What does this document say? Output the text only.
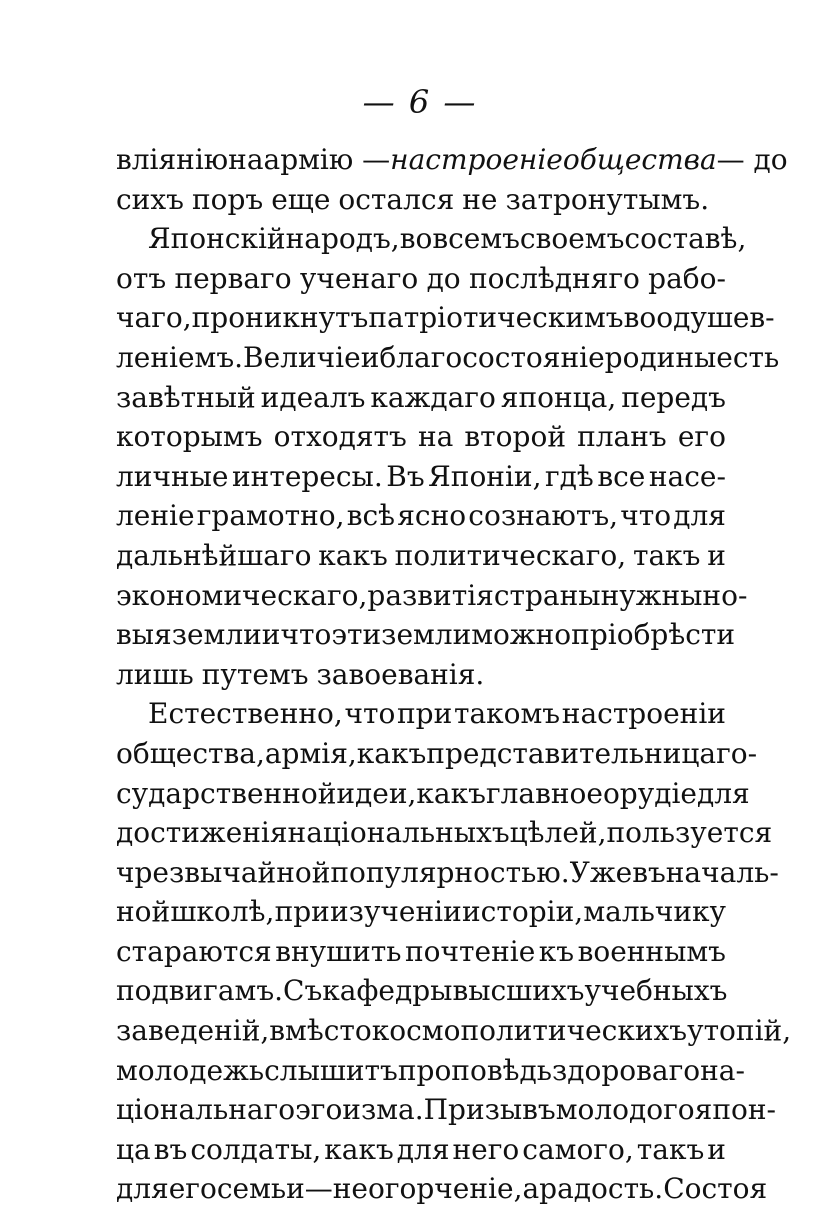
— 6 —
вліянію на армію — настроеніе общества — до
сихъ поръ еще остался не затронутымъ.
Японскій народъ, во всемъ своемъ составѣ,
отъ перваго ученаго до послѣдняго рабо-
чаго, проникнутъ патріотическимъ воодушев-
леніемъ. Величіе и благосостояніе родины есть
завѣтный идеалъ каждаго японца, передъ
которымъ отходятъ на второй планъ его
личные интересы. Въ Японіи, гдѣ все насе-
леніе грамотно, всѣ ясно сознаютъ, что для
дальнѣйшаго какъ политическаго, такъ и
экономическаго, развитія страны нужны но-
выя земли и что эти земли можно пріобрѣсти
лишь путемъ завоеванія.
Естественно, что при такомъ настроеніи
общества, армія, какъ представительница го-
сударственной идеи, какъ главное орудіе для
достиженія національныхъ цѣлей, пользуется
чрезвычайной популярностью. Уже въ началь-
ной школѣ, при изученіи исторіи, мальчику
стараются внушить почтеніе къ военнымъ
подвигамъ. Съ кафедры высшихъ учебныхъ
заведеній, вмѣсто космополитическихъ утопій,
молодежь слышитъ проповѣдь здороваго на-
ціональнаго эгоизма. Призывъ молодого япон-
ца въ солдаты, какъ для него самого, такъ и
для его семьи—не огорченіе, а радость. Состоя
